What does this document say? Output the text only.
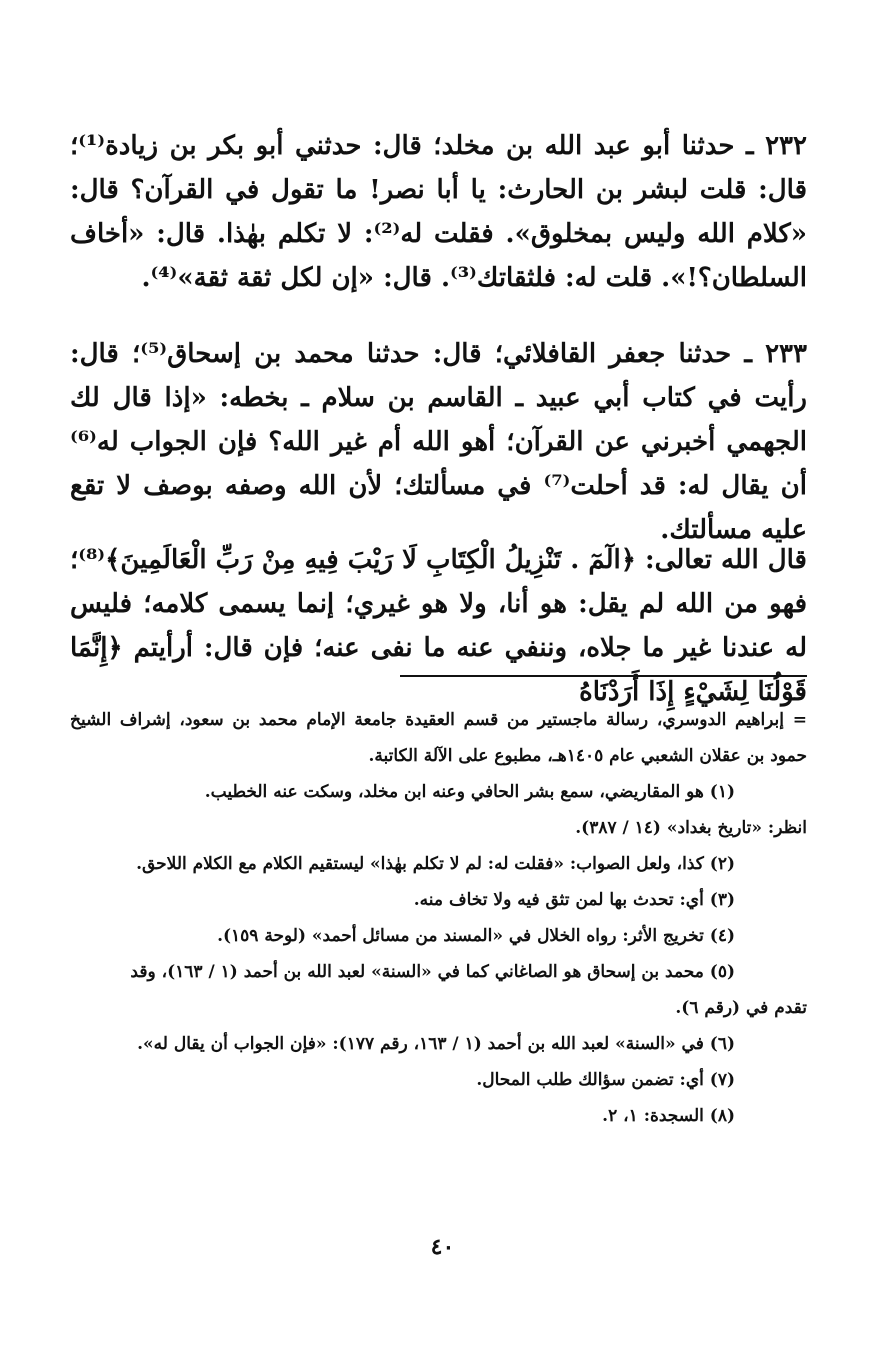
٢٣٢ ـ حدثنا أبو عبد الله بن مخلد؛ قال: حدثني أبو بكر بن زيادة⁽¹⁾؛ قال: قلت لبشر بن الحارث: يا أبا نصر! ما تقول في القرآن؟ قال: «كلام الله وليس بمخلوق». فقلت له⁽²⁾: لا تكلم بهٰذا. قال: «أخاف السلطان؟!». قلت له: فلثقاتك⁽³⁾. قال: «إن لكل ثقة ثقة»⁽⁴⁾.

٢٣٣ ـ حدثنا جعفر القافلائي؛ قال: حدثنا محمد بن إسحاق⁽⁵⁾؛ قال: رأيت في كتاب أبي عبيد ـ القاسم بن سلام ـ بخطه: «إذا قال لك الجهمي أخبرني عن القرآن؛ أهو الله أم غير الله؟ فإن الجواب له⁽⁶⁾ أن يقال له: قد أحلت⁽⁷⁾ في مسألتك؛ لأن الله وصفه بوصف لا تقع عليه مسألتك.

قال الله تعالى: ﴿الٓمٓ . تَنْزِيلُ الْكِتَابِ لَا رَيْبَ فِيهِ مِنْ رَبِّ الْعَالَمِينَ﴾⁽⁸⁾؛ فهو من الله لم يقل: هو أنا، ولا هو غيري؛ إنما يسمى كلامه؛ فليس له عندنا غير ما جلاه، وننفي عنه ما نفى عنه؛ فإن قال: أرأيتم ﴿إِنَّمَا قَوْلُنَا لِشَيْءٍ إِذَا أَرَدْنَاهُ

= إبراهيم الدوسري، رسالة ماجستير من قسم العقيدة جامعة الإمام محمد بن سعود، إشراف الشيخ حمود بن عقلان الشعبي عام ١٤٠٥هـ، مطبوع على الآلة الكاتبة.
(١) هو المقاريضي، سمع بشر الحافي وعنه ابن مخلد، وسكت عنه الخطيب.
انظر: «تاريخ بغداد» (١٤ / ٣٨٧).
(٢) كذا، ولعل الصواب: «فقلت له: لم لا تكلم بهٰذا» ليستقيم الكلام مع الكلام اللاحق.
(٣) أي: تحدث بها لمن تثق فيه ولا تخاف منه.
(٤) تخريج الأثر: رواه الخلال في «المسند من مسائل أحمد» (لوحة ١٥٩).
(٥) محمد بن إسحاق هو الصاغاني كما في «السنة» لعبد الله بن أحمد (١ / ١٦٣)، وقد
تقدم في (رقم ٦).
(٦) في «السنة» لعبد الله بن أحمد (١ / ١٦٣، رقم ١٧٧): «فإن الجواب أن يقال له».
(٧) أي: تضمن سؤالك طلب المحال.
(٨) السجدة: ١، ٢.
٤٠
